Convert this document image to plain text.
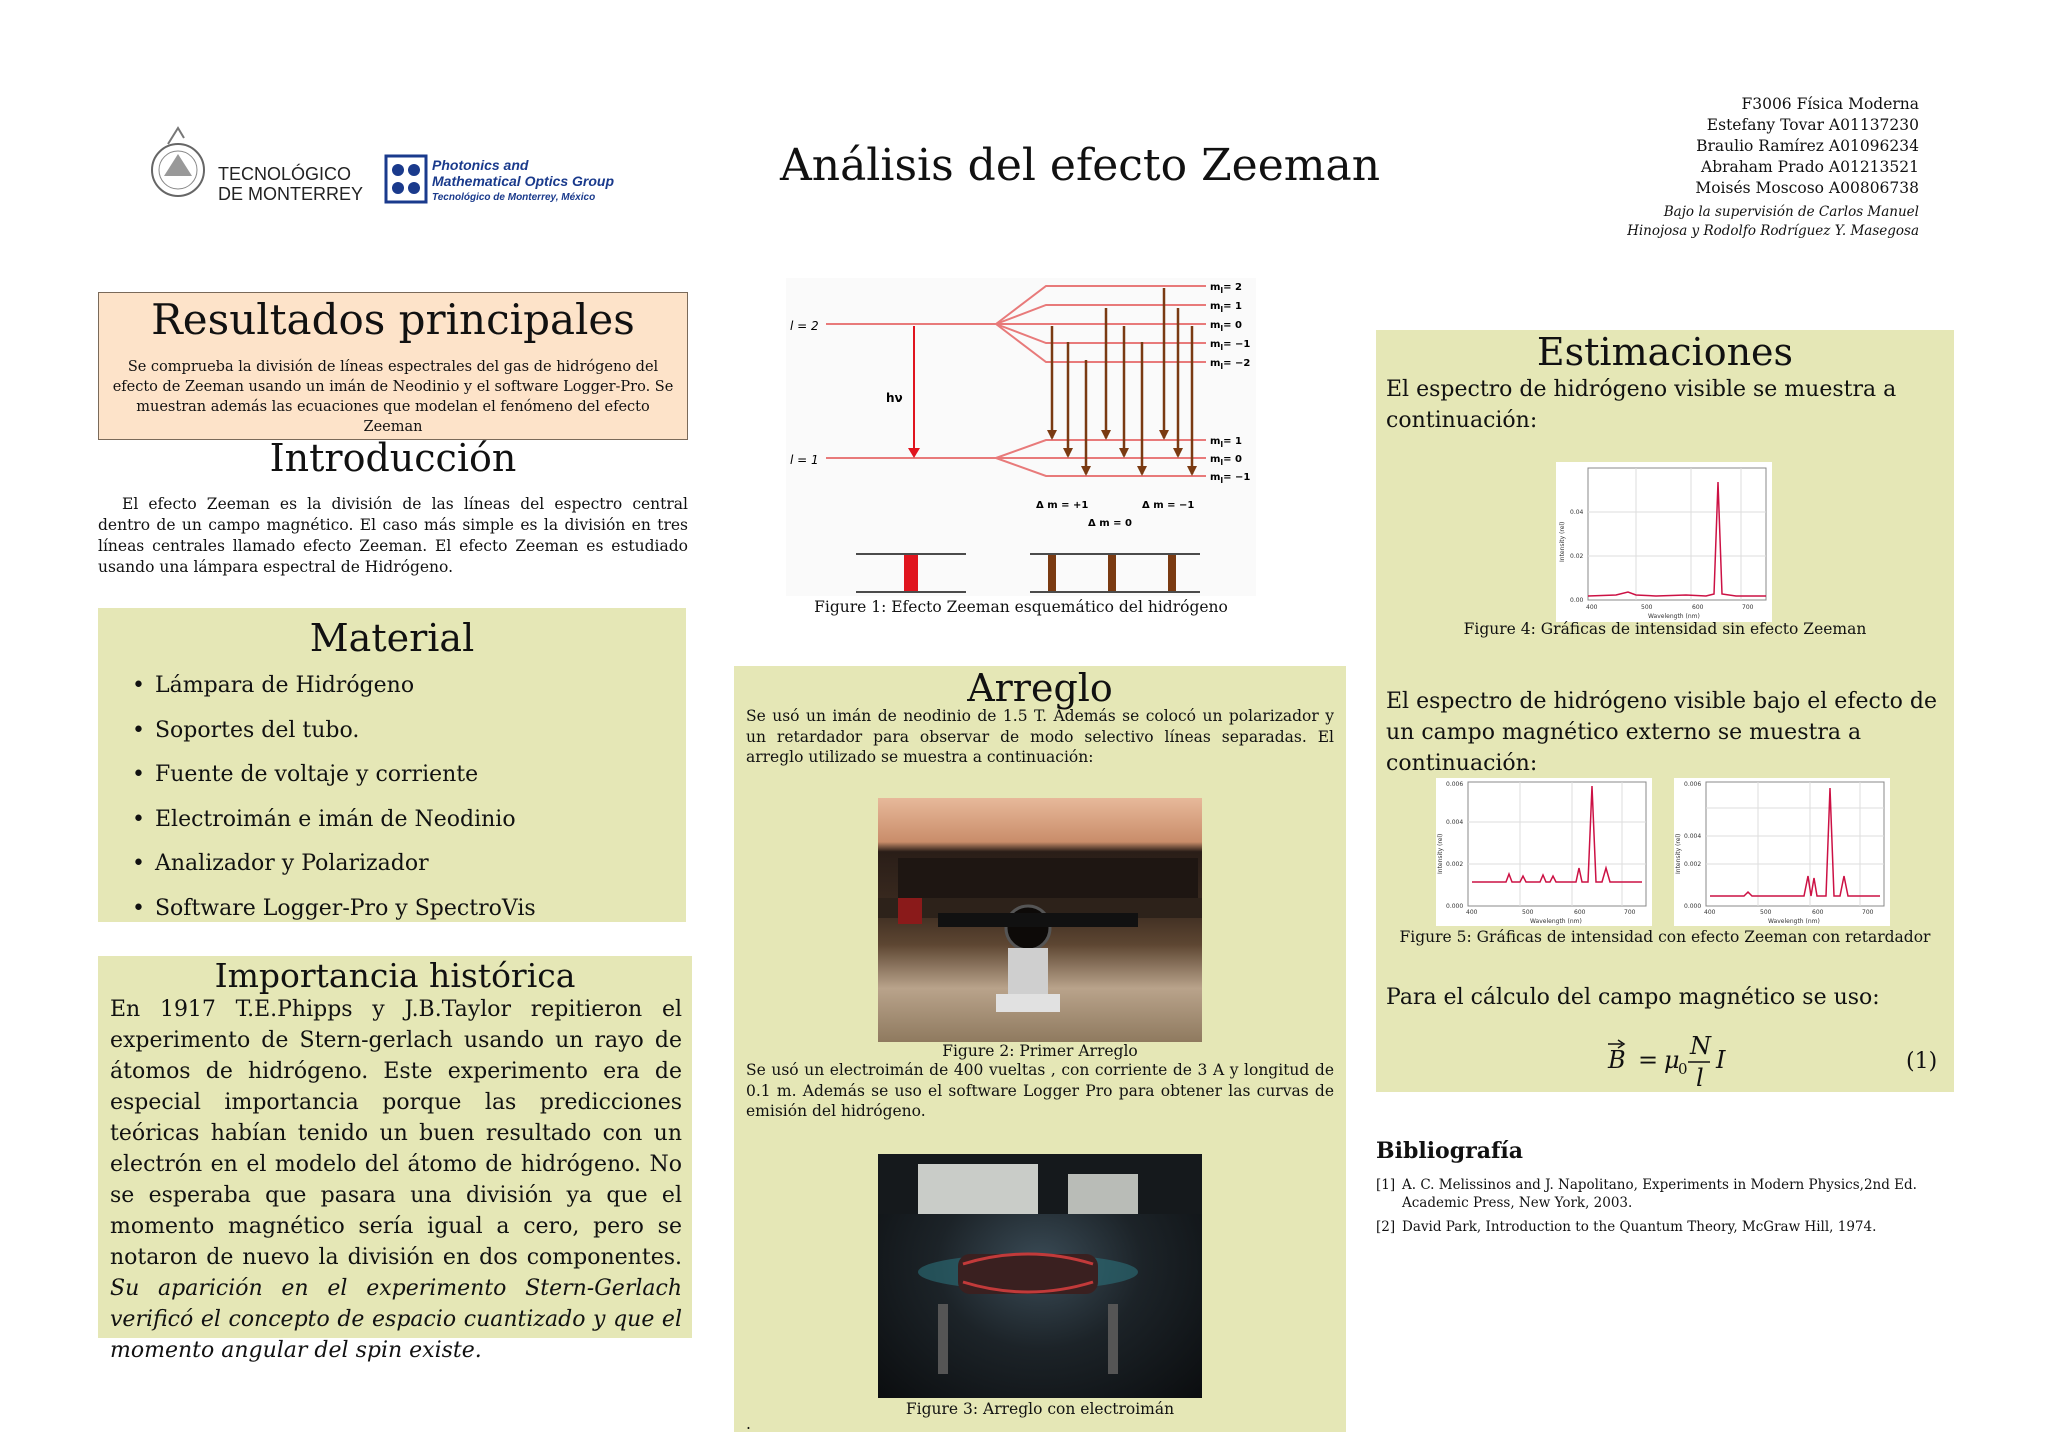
TECNOLÓGICO
DE MONTERREY
Photonics and
Mathematical Optics Group
Tecnológico de Monterrey, México
Análisis del efecto Zeeman
F3006 Física Moderna
Estefany Tovar A01137230
Braulio Ramírez A01096234
Abraham Prado A01213521
Moisés Moscoso A00806738
Bajo la supervisión de Carlos Manuel
Hinojosa y Rodolfo Rodríguez Y. Masegosa
Resultados principales
Se comprueba la división de líneas espectrales del gas de hidrógeno del efecto de Zeeman usando un imán de Neodinio y el software Logger-Pro. Se muestran además las ecuaciones que modelan el fenómeno del efecto Zeeman
Introducción
El efecto Zeeman es la división de las líneas del espectro central dentro de un campo magnético. El caso más simple es la división en tres líneas centrales llamado efecto Zeeman. El efecto Zeeman es estudiado usando una lámpara espectral de Hidrógeno.
Material
• Lámpara de Hidrógeno
• Soportes del tubo.
• Fuente de voltaje y corriente
• Electroimán e imán de Neodinio
• Analizador y Polarizador
• Software Logger-Pro y SpectroVis
Importancia histórica
En 1917 T.E.Phipps y J.B.Taylor repitieron el experimento de Stern-gerlach usando un rayo de átomos de hidrógeno. Este experimento era de especial importancia porque las predicciones teóricas habían tenido un buen resultado con un electrón en el modelo del átomo de hidrógeno. No se esperaba que pasara una división ya que el momento magnético sería igual a cero, pero se notaron de nuevo la división en dos componentes. Su aparición en el experimento Stern-Gerlach verificó el concepto de espacio cuantizado y que el momento angular del spin existe.
l = 2
l = 1
hν
$m_l= 2$
$m_l= 1$
$m_l= 0$
$m_l= -1$
$m_l= -2$
$m_l= 1$
$m_l= 0$
$m_l= -1$
Δ m = +1	Δ m = −1
Δ m = 0
Figure 1: Efecto Zeeman esquemático del hidrógeno
Arreglo
Se usó un imán de neodinio de 1.5 T. Además se colocó un polarizador y un retardador para observar de modo selectivo líneas separadas. El arreglo utilizado se muestra a continuación:
Figure 2: Primer Arreglo
Se usó un electroimán de 400 vueltas , con corriente de 3 A y longitud de 0.1 m. Además se uso el software Logger Pro para obtener las curvas de emisión del hidrógeno.
Figure 3: Arreglo con electroimán
.
Estimaciones
El espectro de hidrógeno visible se muestra a continuación:
0.04
0.02
0.00
400	500	600	700
Wavelength (nm)
Intensity (rel)
Figure 4: Gráficas de intensidad sin efecto Zeeman
El espectro de hidrógeno visible bajo el efecto de un campo magnético externo se muestra a continuación:
0.006
0.004
0.002
0.000
400	500	600	700
Wavelength (nm)
Intensity (rel)
0.006
0.004
0.002
0.000
400	500	600	700
Wavelength (nm)
Intensity (rel)
Figure 5: Gráficas de intensidad con efecto Zeeman con retardador
Para el cálculo del campo magnético se uso:
B = μ
0
N
l
I	(1)
Bibliografía
[1] A. C. Melissinos and J. Napolitano, Experiments in Modern Physics,2nd Ed. Academic Press, New York, 2003.
[2] David Park, Introduction to the Quantum Theory, McGraw Hill, 1974.
